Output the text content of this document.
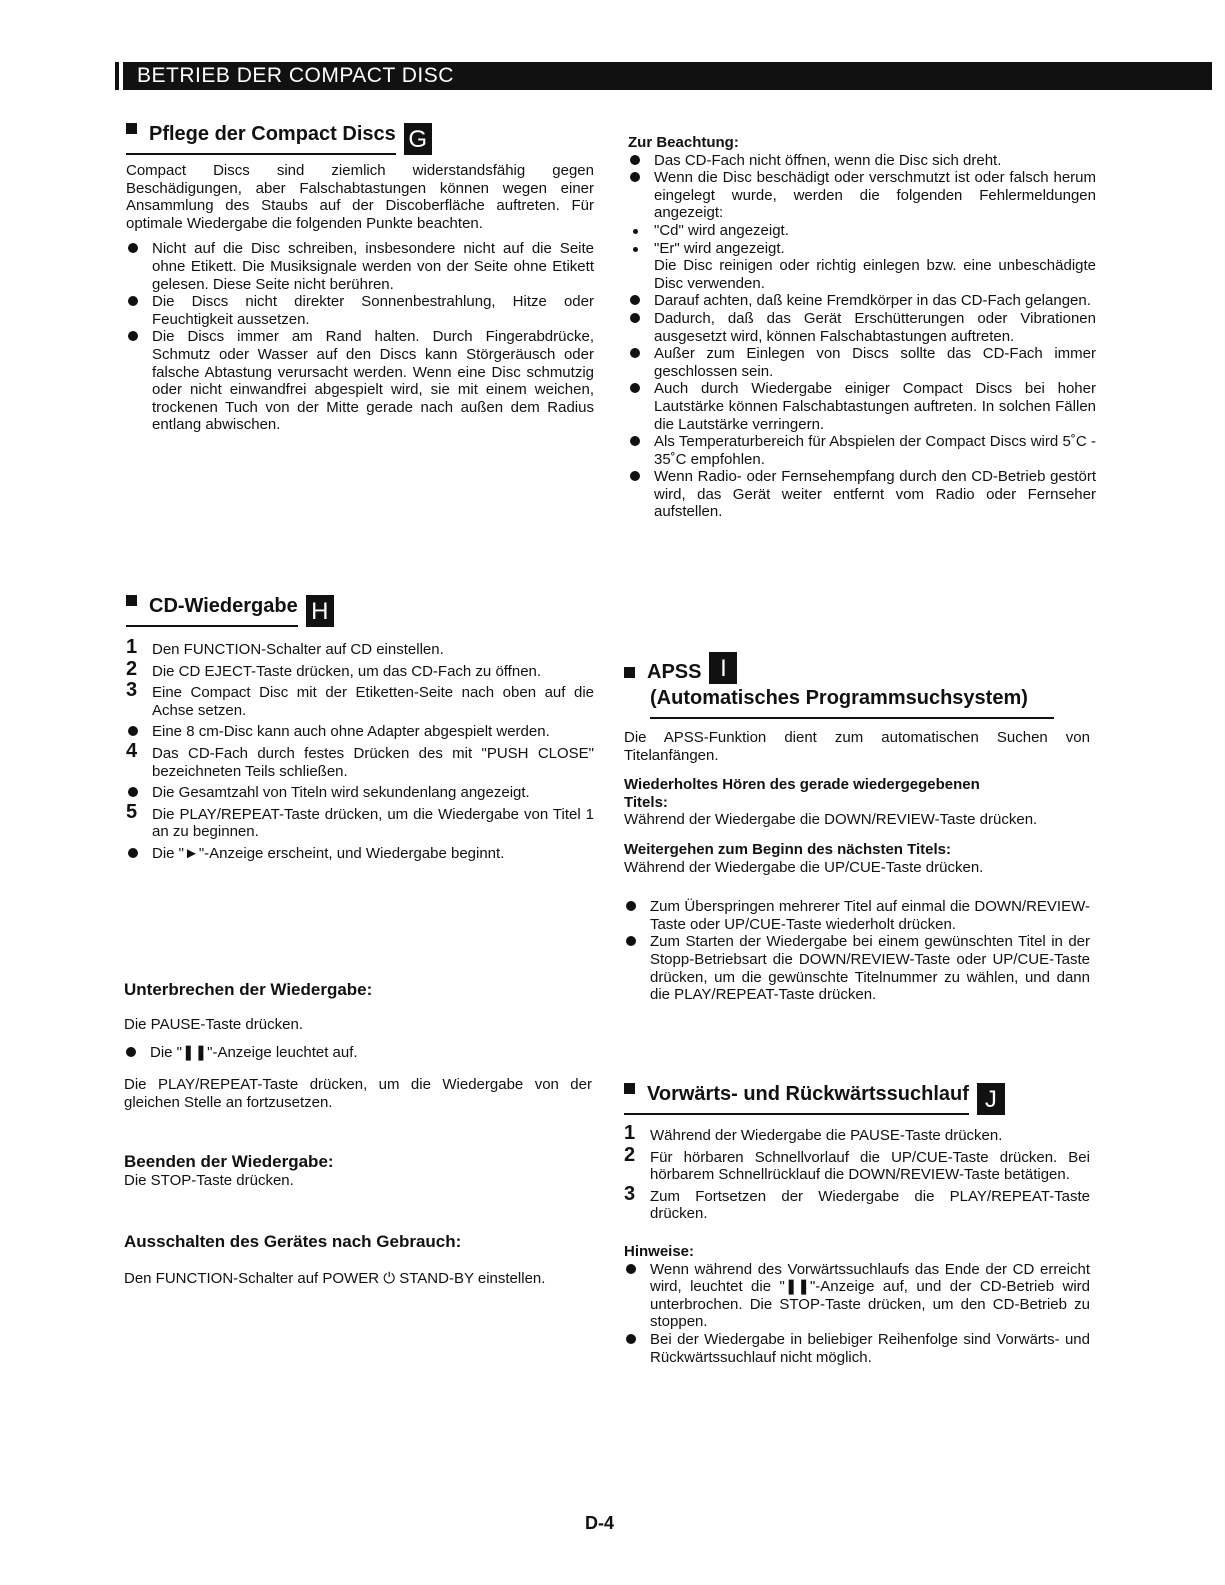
BETRIEB DER COMPACT DISC
Pflege der Compact Discs G

Compact Discs sind ziemlich widerstandsfähig gegen Beschädigungen, aber Falschabtastungen können wegen einer Ansammlung des Staubs auf der Discoberfläche auftreten. Für optimale Wiedergabe die folgenden Punkte beachten.

Nicht auf die Disc schreiben, insbesondere nicht auf die Seite ohne Etikett. Die Musiksignale werden von der Seite ohne Etikett gelesen. Diese Seite nicht berühren.
Die Discs nicht direkter Sonnenbestrahlung, Hitze oder Feuchtigkeit aussetzen.
Die Discs immer am Rand halten. Durch Fingerabdrücke, Schmutz oder Wasser auf den Discs kann Störgeräusch oder falsche Abtastung verursacht werden. Wenn eine Disc schmutzig oder nicht einwandfrei abgespielt wird, sie mit einem weichen, trockenen Tuch von der Mitte gerade nach außen dem Radius entlang abwischen.
CD-Wiedergabe H
1 Den FUNCTION-Schalter auf CD einstellen.
2 Die CD EJECT-Taste drücken, um das CD-Fach zu öffnen.
3 Eine Compact Disc mit der Etiketten-Seite nach oben auf die Achse setzen.
Eine 8 cm-Disc kann auch ohne Adapter abgespielt werden.
4 Das CD-Fach durch festes Drücken des mit "PUSH CLOSE" bezeichneten Teils schließen.
Die Gesamtzahl von Titeln wird sekundenlang angezeigt.
5 Die PLAY/REPEAT-Taste drücken, um die Wiedergabe von Titel 1 an zu beginnen.
Die "►"-Anzeige erscheint, und Wiedergabe beginnt.
Unterbrechen der Wiedergabe:

Die PAUSE-Taste drücken.

Die "❚❚"-Anzeige leuchtet auf.

Die PLAY/REPEAT-Taste drücken, um die Wiedergabe von der gleichen Stelle an fortzusetzen.

Beenden der Wiedergabe:

Die STOP-Taste drücken.

Ausschalten des Gerätes nach Gebrauch:

Den FUNCTION-Schalter auf POWER ⏻ STAND-BY einstellen.

Zur Beachtung:
Das CD-Fach nicht öffnen, wenn die Disc sich dreht.
Wenn die Disc beschädigt oder verschmutzt ist oder falsch herum eingelegt wurde, werden die folgenden Fehlermeldungen angezeigt:
"Cd" wird angezeigt.
"Er" wird angezeigt.
Die Disc reinigen oder richtig einlegen bzw. eine unbeschädigte Disc verwenden.
Darauf achten, daß keine Fremdkörper in das CD-Fach gelangen.
Dadurch, daß das Gerät Erschütterungen oder Vibrationen ausgesetzt wird, können Falschabtastungen auftreten.
Außer zum Einlegen von Discs sollte das CD-Fach immer geschlossen sein.
Auch durch Wiedergabe einiger Compact Discs bei hoher Lautstärke können Falschabtastungen auftreten. In solchen Fällen die Lautstärke verringern.
Als Temperaturbereich für Abspielen der Compact Discs wird 5˚C - 35˚C empfohlen.
Wenn Radio- oder Fernsehempfang durch den CD-Betrieb gestört wird, das Gerät weiter entfernt vom Radio oder Fernseher aufstellen.
APSS I
(Automatisches Programmsuchsystem)

Die APSS-Funktion dient zum automatischen Suchen von Titelanfängen.

Wiederholtes Hören des gerade wiedergegebenen Titels:

Während der Wiedergabe die DOWN/REVIEW-Taste drücken.

Weitergehen zum Beginn des nächsten Titels:

Während der Wiedergabe die UP/CUE-Taste drücken.

Zum Überspringen mehrerer Titel auf einmal die DOWN/REVIEW-Taste oder UP/CUE-Taste wiederholt drücken.
Zum Starten der Wiedergabe bei einem gewünschten Titel in der Stopp-Betriebsart die DOWN/REVIEW-Taste oder UP/CUE-Taste drücken, um die gewünschte Titelnummer zu wählen, und dann die PLAY/REPEAT-Taste drücken.
Vorwärts- und Rückwärtssuchlauf J
1 Während der Wiedergabe die PAUSE-Taste drücken.
2 Für hörbaren Schnellvorlauf die UP/CUE-Taste drücken. Bei hörbarem Schnellrücklauf die DOWN/REVIEW-Taste betätigen.
3 Zum Fortsetzen der Wiedergabe die PLAY/REPEAT-Taste drücken.
Hinweise:
Wenn während des Vorwärtssuchlaufs das Ende der CD erreicht wird, leuchtet die "❚❚"-Anzeige auf, und der CD-Betrieb wird unterbrochen. Die STOP-Taste drücken, um den CD-Betrieb zu stoppen.
Bei der Wiedergabe in beliebiger Reihenfolge sind Vorwärts- und Rückwärtssuchlauf nicht möglich.
D-4
